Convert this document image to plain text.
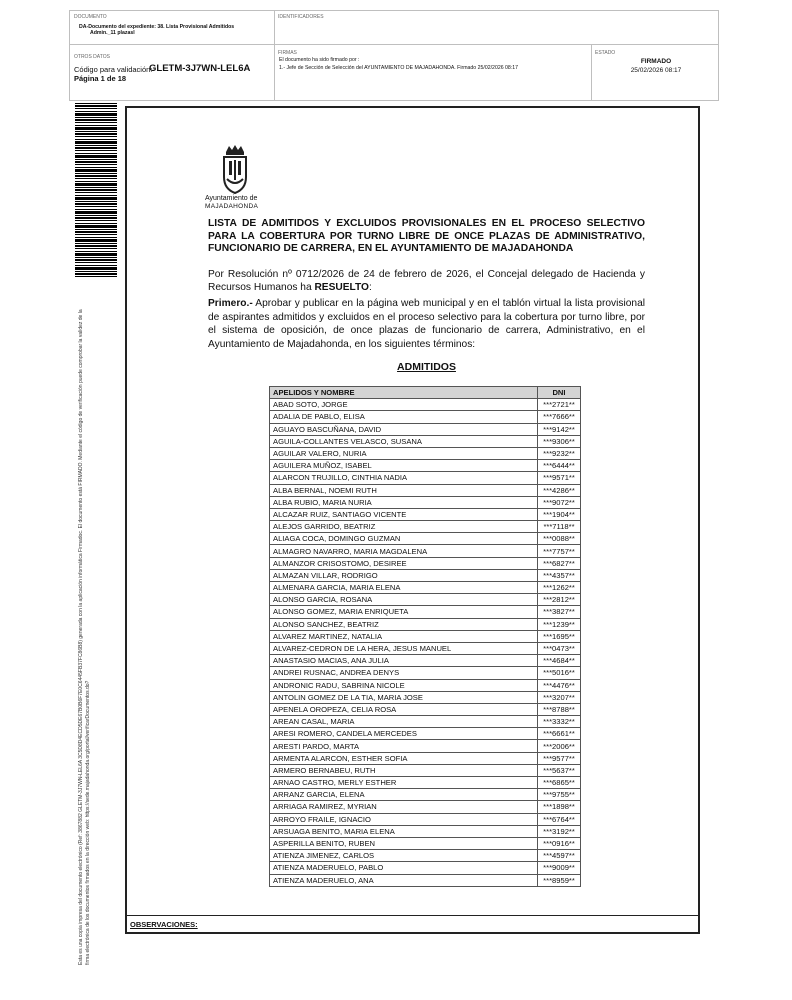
DOCUMENTO
DA-Documento del expediente: 38. Lista Provisional Admitidos
Admin._11 plazasl
IDENTIFICADORES
OTROS DATOS
Código para validación:
GLETM-3J7WN-LEL6A
Página 1 de 18
FIRMAS
El documento ha sido firmado por :
1.- Jefe de Sección de Selección del AYUNTAMIENTO DE MAJADAHONDA. Firmado 25/02/2026 08:17
ESTADO
FIRMADO
25/02/2026 08:17
Esta es una copia impresa del documento electrónico (Ref: 3867882 GLETM-3J7WN-LEL6A 3C5D8D4ECD5DE67B0B6F7E0C6445FB37FC86B8) generada con la aplicación informática Firmadoc. El documento está FIRMADO. Mediante el código de verificación puede comprobar la validez de la firma electrónica de los documentos firmados en la dirección web: https://sede.majadahonda.org/portal/verificarDocumentos.do?
Ayuntamiento de
MAJADAHONDA
LISTA DE ADMITIDOS Y EXCLUIDOS PROVISIONALES EN EL PROCESO SELECTIVO PARA LA COBERTURA POR TURNO LIBRE DE ONCE PLAZAS DE ADMINISTRATIVO, FUNCIONARIO DE CARRERA, EN EL AYUNTAMIENTO DE MAJADAHONDA
Por Resolución nº 0712/2026 de 24 de febrero de 2026, el Concejal delegado de Hacienda y Recursos Humanos ha RESUELTO:
Primero.- Aprobar y publicar en la página web municipal y en el tablón virtual la lista provisional de aspirantes admitidos y excluidos en el proceso selectivo para la cobertura por turno libre, por el sistema de oposición, de once plazas de funcionario de carrera, Administrativo, en el Ayuntamiento de Majadahonda, en los siguientes términos:
ADMITIDOS
APELIDOS Y NOMBRE	DNI
ABAD SOTO, JORGE	***2721**
ADALIA DE PABLO, ELISA	***7666**
AGUAYO BASCUÑANA, DAVID	***9142**
AGUILA-COLLANTES VELASCO, SUSANA	***9306**
AGUILAR VALERO, NURIA	***9232**
AGUILERA MUÑOZ, ISABEL	***6444**
ALARCON TRUJILLO, CINTHIA NADIA	***9571**
ALBA BERNAL, NOEMI RUTH	***4286**
ALBA RUBIO, MARIA NURIA	***9072**
ALCAZAR RUIZ, SANTIAGO VICENTE	***1904**
ALEJOS GARRIDO, BEATRIZ	***7118**
ALIAGA COCA, DOMINGO GUZMAN	***0088**
ALMAGRO NAVARRO, MARIA MAGDALENA	***7757**
ALMANZOR CRISOSTOMO, DESIREE	***6827**
ALMAZAN VILLAR, RODRIGO	***4357**
ALMENARA GARCIA, MARIA ELENA	***1262**
ALONSO GARCIA, ROSANA	***2812**
ALONSO GOMEZ, MARIA ENRIQUETA	***3827**
ALONSO SANCHEZ, BEATRIZ	***1239**
ALVAREZ MARTINEZ, NATALIA	***1695**
ALVAREZ-CEDRON DE LA HERA, JESUS MANUEL	***0473**
ANASTASIO MACIAS, ANA JULIA	***4684**
ANDREI RUSNAC, ANDREA DENYS	***5016**
ANDRONIC RADU, SABRINA NICOLE	***4476**
ANTOLIN GOMEZ DE LA TIA, MARIA JOSE	***3207**
APENELA OROPEZA, CELIA ROSA	***8788**
AREAN CASAL, MARIA	***3332**
ARESI ROMERO, CANDELA MERCEDES	***6661**
ARESTI PARDO, MARTA	***2006**
ARMENTA ALARCON, ESTHER SOFIA	***9577**
ARMERO BERNABEU, RUTH	***5637**
ARNAO CASTRO, MERLY ESTHER	***6865**
ARRANZ GARCIA, ELENA	***9755**
ARRIAGA RAMIREZ, MYRIAN	***1898**
ARROYO FRAILE, IGNACIO	***6764**
ARSUAGA BENITO, MARIA ELENA	***3192**
ASPERILLA BENITO, RUBEN	***0916**
ATIENZA JIMENEZ, CARLOS	***4597**
ATIENZA MADERUELO, PABLO	***9009**
ATIENZA MADERUELO, ANA	***8959**
OBSERVACIONES:
